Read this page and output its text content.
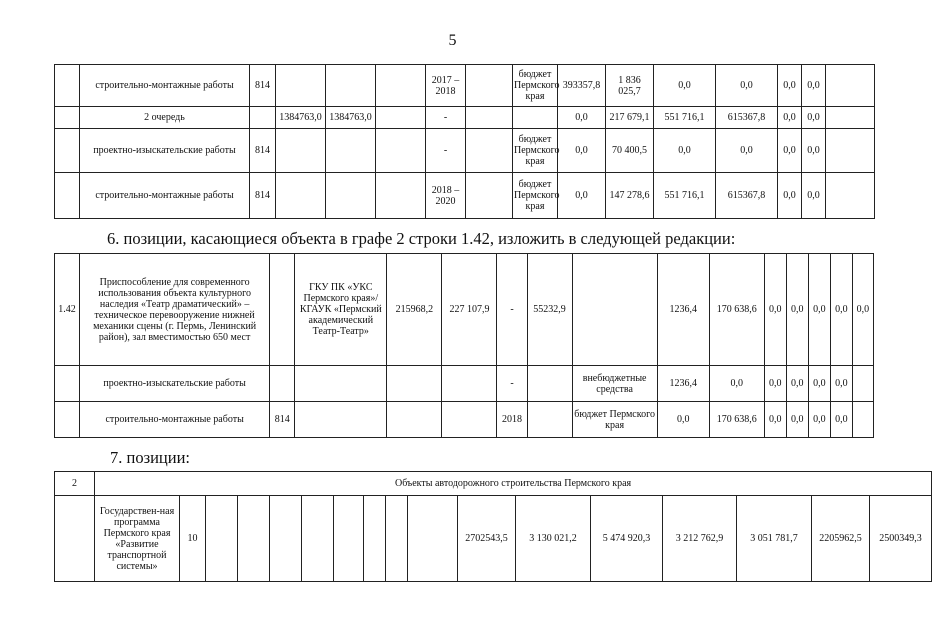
5
	строительно-монтажные работы	814				2017 – 2018		бюджет Пермского края	393357,8	1 836 025,7	0,0	0,0	0,0	0,0	
	2 очередь		1384763,0	1384763,0		-			0,0	217 679,1	551 716,1	615367,8	0,0	0,0	
	проектно-изыскательские работы	814				-		бюджет Пермского края	0,0	70 400,5	0,0	0,0	0,0	0,0	
	строительно-монтажные работы	814				2018 – 2020		бюджет Пермского края	0,0	147 278,6	551 716,1	615367,8	0,0	0,0	
6. позиции, касающиеся объекта в графе 2 строки 1.42, изложить в следующей редакции:
1.42	Приспособление для современного использования объекта культурного наследия «Театр драматический» – техническое перевооружение нижней механики сцены (г. Пермь, Ленинский район), зал вместимостью 650 мест		ГКУ ПК «УКС Пермского края»/ КГАУК «Пермский академический Театр-Театр»	215968,2	227 107,9	-	55232,9		1236,4	170 638,6	0,0	0,0	0,0	0,0	0,0
	проектно-изыскательские работы					-		внебюджетные средства	1236,4	0,0	0,0	0,0	0,0	0,0	
	строительно-монтажные работы	814				2018		бюджет Пермского края	0,0	170 638,6	0,0	0,0	0,0	0,0	
7. позиции:
2	Объекты автодорожного строительства Пермского края																
	Государствен-ная программа Пермского края «Развитие транспортной системы»	10									2702543,5	3 130 021,2	5 474 920,3	3 212 762,9	3 051 781,7	2205962,5	2500349,3
